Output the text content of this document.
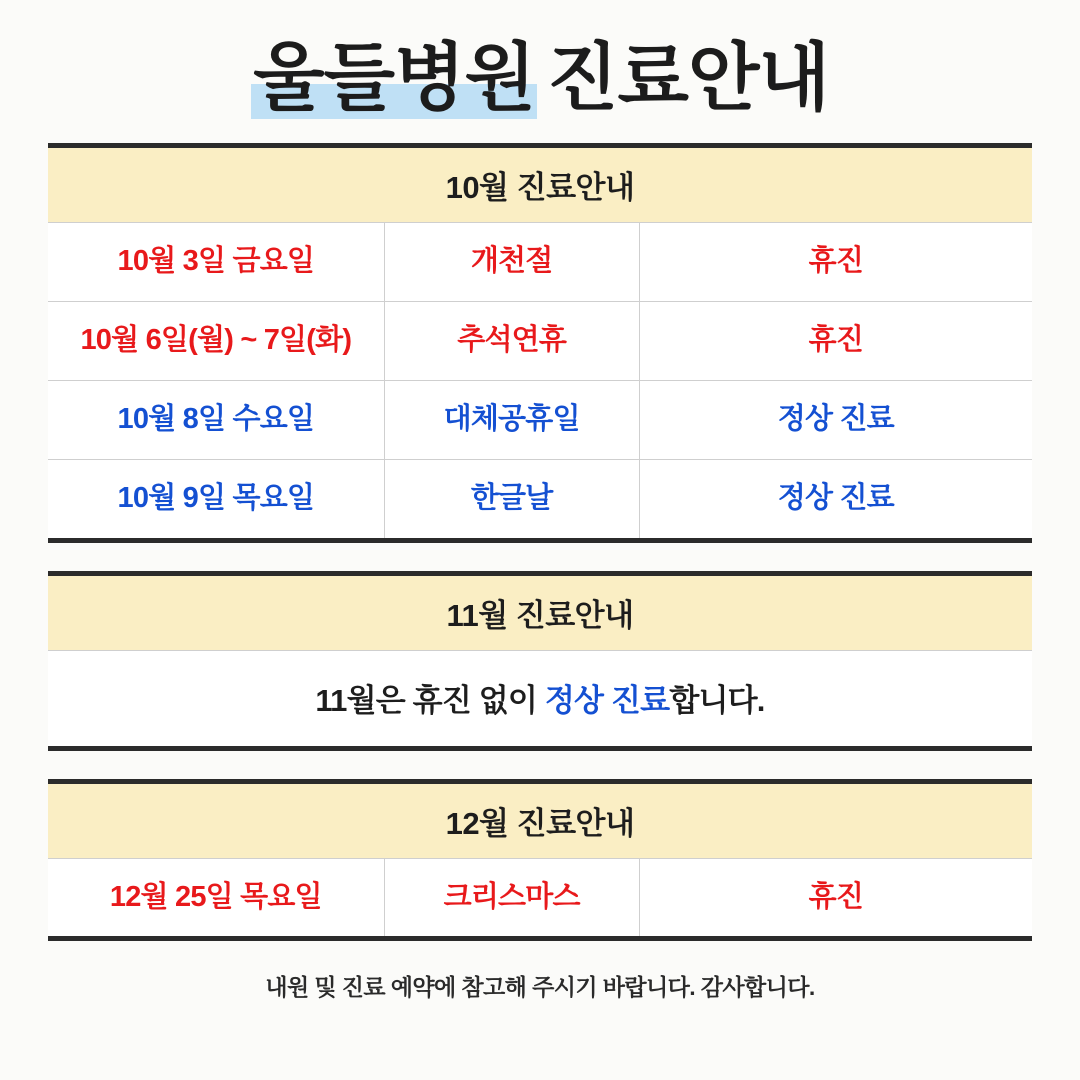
울들병원 진료안내
10월 진료안내
10월 3일 금요일	개천절	휴진
10월 6일(월) ~ 7일(화)	추석연휴	휴진
10월 8일 수요일	대체공휴일	정상 진료
10월 9일 목요일	한글날	정상 진료
11월 진료안내
11월은 휴진 없이 정상 진료합니다.
12월 진료안내
12월 25일 목요일	크리스마스	휴진
내원 및 진료 예약에 참고해 주시기 바랍니다. 감사합니다.
